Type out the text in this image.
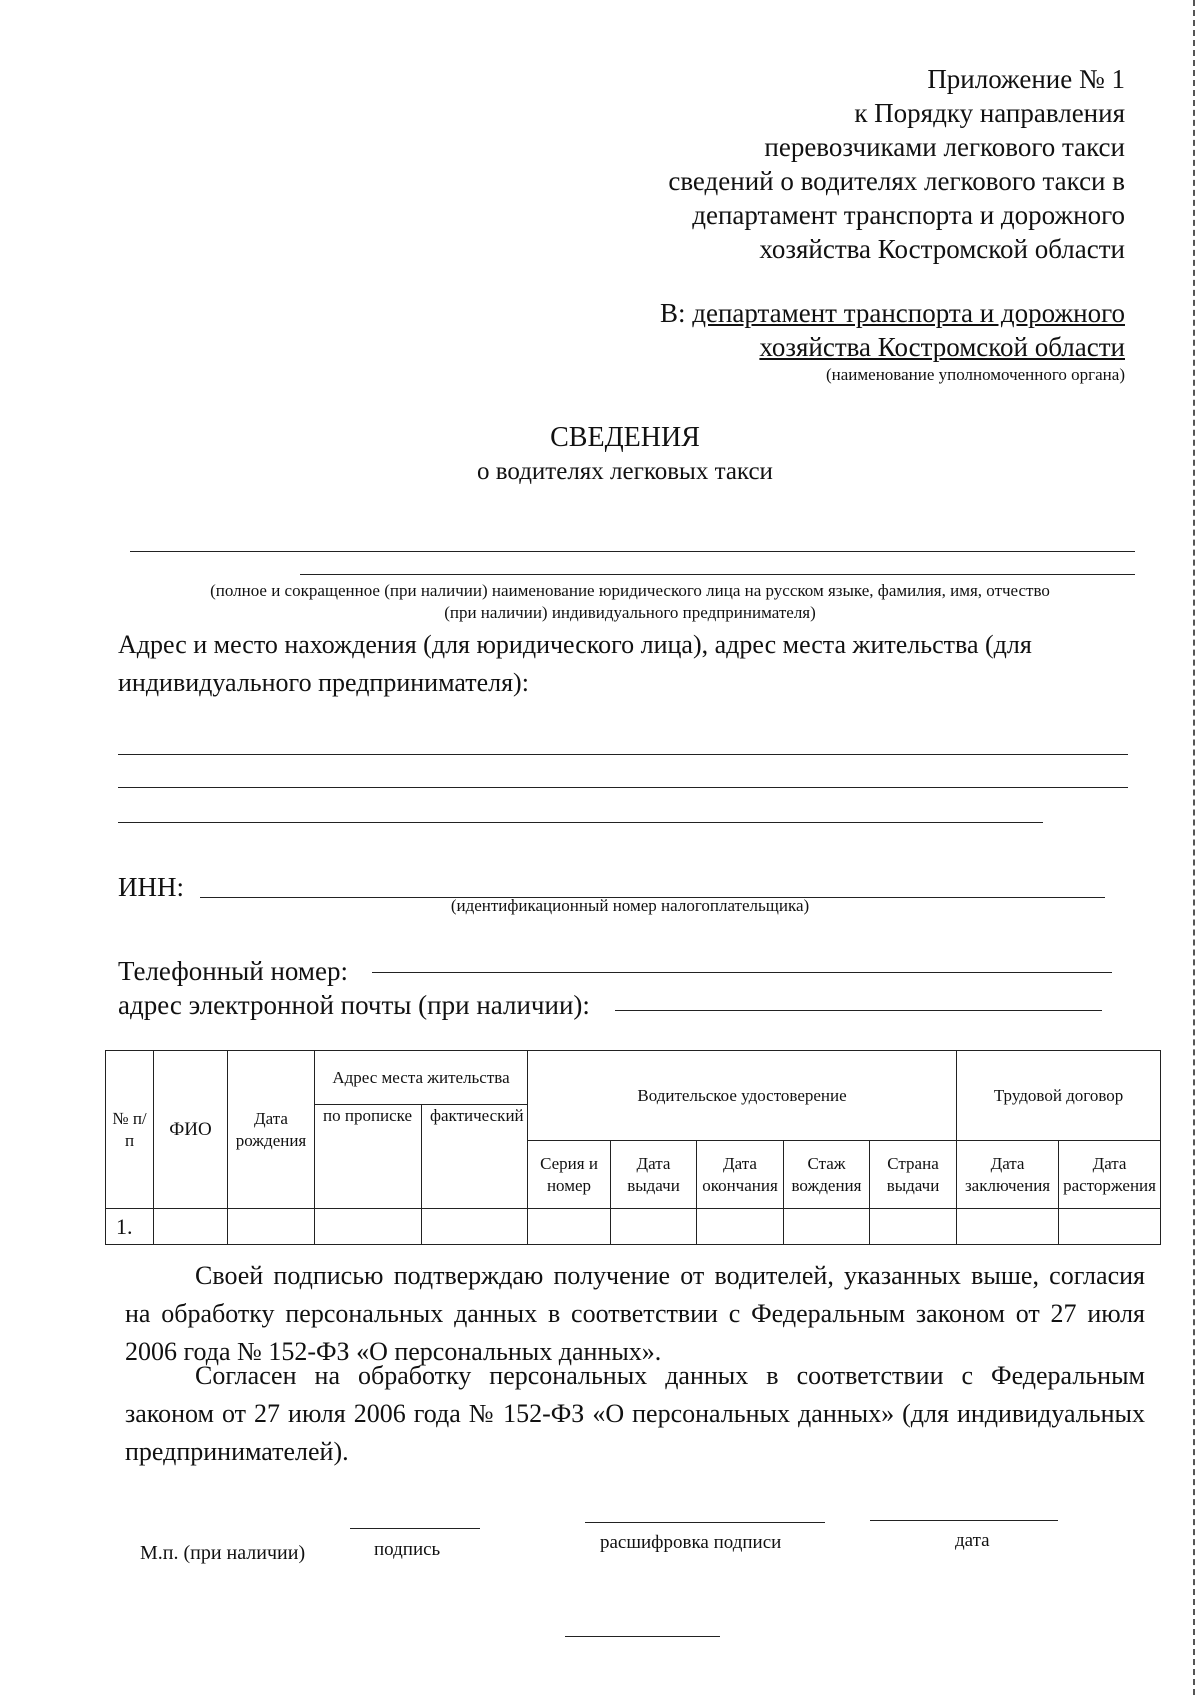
Приложение № 1
к Порядку направления
перевозчиками легкового такси
сведений о водителях легкового такси в
департамент транспорта и дорожного
хозяйства Костромской области
В: департамент транспорта и дорожного
хозяйства Костромской области
(наименование уполномоченного органа)
СВЕДЕНИЯ
о водителях легковых такси
(полное и сокращенное (при наличии) наименование юридического лица на русском языке, фамилия, имя, отчество
(при наличии) индивидуального предпринимателя)
Адрес и место нахождения (для юридического лица), адрес места жительства (для
индивидуального предпринимателя):
ИНН:
(идентификационный номер налогоплательщика)
Телефонный номер:
адрес электронной почты (при наличии):
№ п/п	ФИО	Дата рождения	Адрес места жительства		Водительское удостоверение					Трудовой договор	
			по прописке	фактический							
					Серия и номер	Дата выдачи	Дата окончания	Стаж вождения	Страна выдачи	Дата заключения	Дата расторжения
1.											
Своей подписью подтверждаю получение от водителей, указанных выше, согласия на обработку персональных данных в соответствии с Федеральным законом от 27 июля 2006 года № 152-ФЗ «О персональных данных».
Согласен на обработку персональных данных в соответствии с Федеральным законом от 27 июля 2006 года № 152-ФЗ «О персональных данных» (для индивидуальных предпринимателей).
М.п. (при наличии)	подпись	расшифровка подписи	дата
